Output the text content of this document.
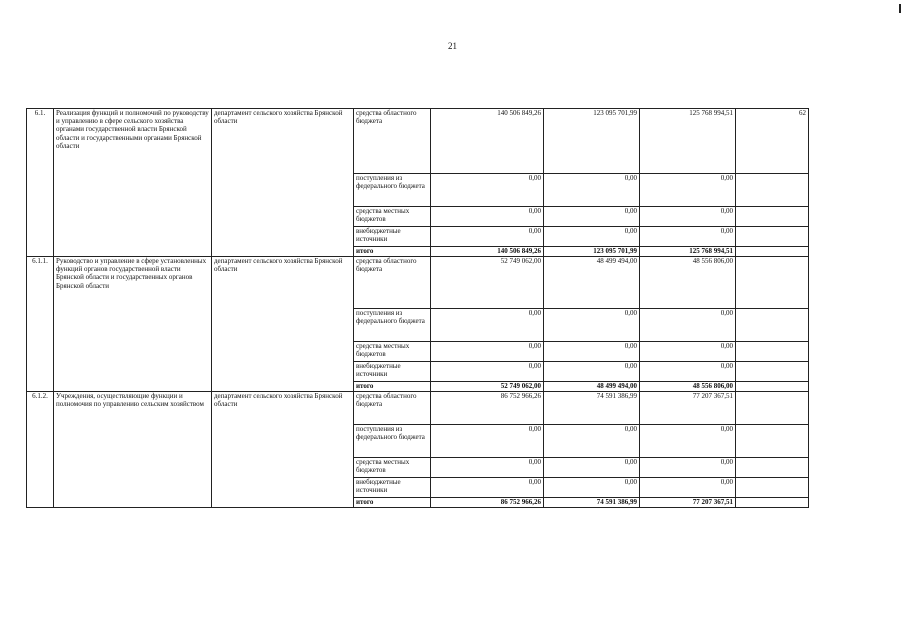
21
6.1.	Реализация функций и полномочий по руководству и управлению в сфере сельского хозяйства органами государственной власти Брянской области и государственными органами Брянской области	департамент сельского хозяйства Брянской области	средства областного бюджета	140 506 849,26	123 095 701,99	125 768 994,51	62
			поступления из федерального бюджета	0,00	0,00	0,00	
			средства местных бюджетов	0,00	0,00	0,00	
			внебюджетные источники	0,00	0,00	0,00	
			итого	140 506 849,26	123 095 701,99	125 768 994,51	
6.1.1.	Руководство и управление в сфере установленных функций органов государственной власти Брянской области и государственных органов Брянской области	департамент сельского хозяйства Брянской области	средства областного бюджета	52 749 062,00	48 499 494,00	48 556 806,00	
			поступления из федерального бюджета	0,00	0,00	0,00	
			средства местных бюджетов	0,00	0,00	0,00	
			внебюджетные источники	0,00	0,00	0,00	
			итого	52 749 062,00	48 499 494,00	48 556 806,00	
6.1.2.	Учреждения, осуществляющие функции и полномочия по управлению сельским хозяйством	департамент сельского хозяйства Брянской области	средства областного бюджета	86 752 966,26	74 591 386,99	77 207 367,51	
			поступления из федерального бюджета	0,00	0,00	0,00	
			средства местных бюджетов	0,00	0,00	0,00	
			внебюджетные источники	0,00	0,00	0,00	
			итого	86 752 966,26	74 591 386,99	77 207 367,51	
